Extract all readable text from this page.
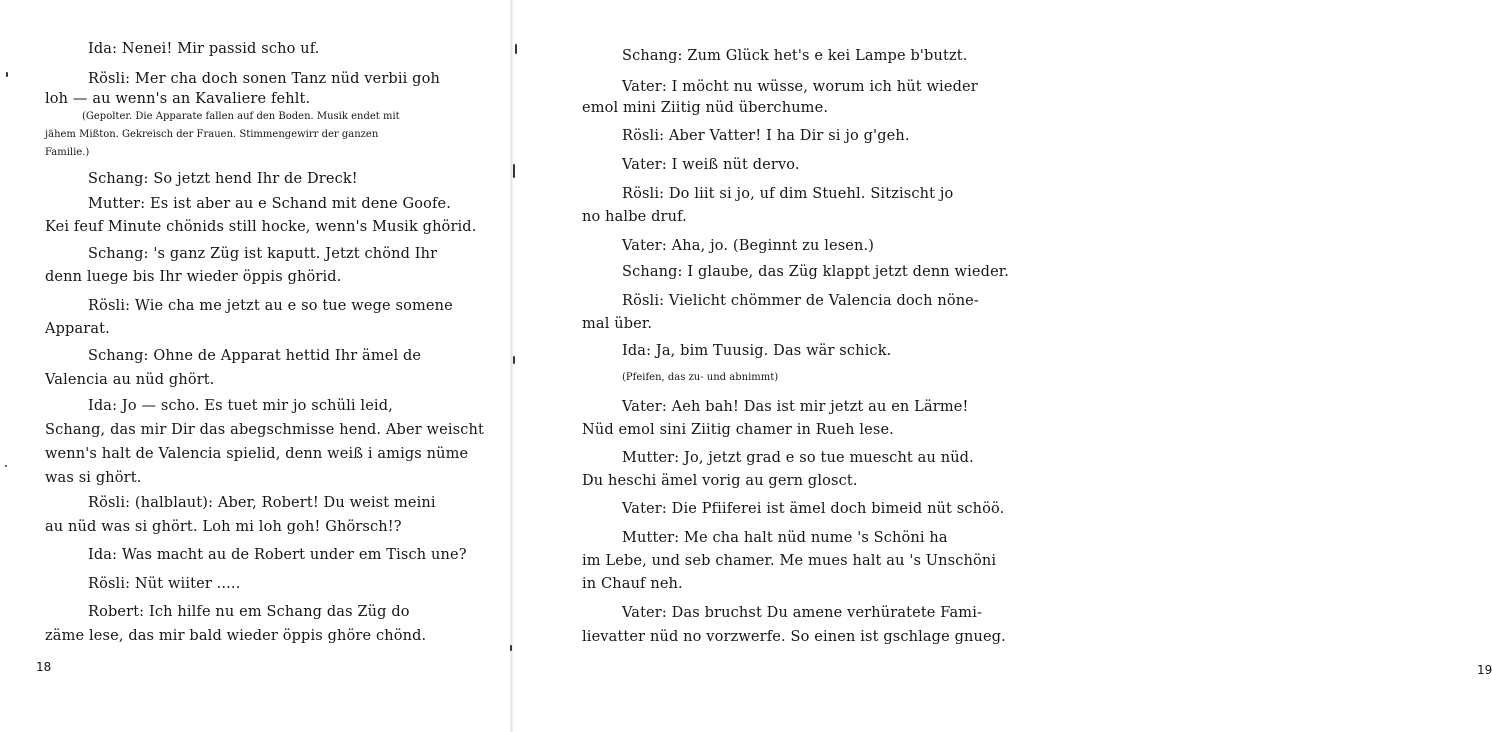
Ida: Nenei! Mir passid scho uf.
Rösli: Mer cha doch sonen Tanz nüd verbii goh
loh — au wenn's an Kavaliere fehlt.
(Gepolter. Die Apparate fallen auf den Boden. Musik endet mit
jähem Mißton. Gekreisch der Frauen. Stimmengewirr der ganzen
Familie.)
Schang: So jetzt hend Ihr de Dreck!
Mutter: Es ist aber au e Schand mit dene Goofe.
Kei feuf Minute chönids still hocke, wenn's Musik ghörid.
Schang: 's ganz Züg ist kaputt. Jetzt chönd Ihr
denn luege bis Ihr wieder öppis ghörid.
Rösli: Wie cha me jetzt au e so tue wege somene
Apparat.
Schang: Ohne de Apparat hettid Ihr ämel de
Valencia au nüd ghört.
Ida: Jo — scho. Es tuet mir jo schüli leid,
Schang, das mir Dir das abegschmisse hend. Aber weischt
wenn's halt de Valencia spielid, denn weiß i amigs nüme
was si ghört.
Rösli: (halblaut): Aber, Robert! Du weist meini
au nüd was si ghört. Loh mi loh goh! Ghörsch!?
Ida: Was macht au de Robert under em Tisch une?
Rösli: Nüt wiiter .....
Robert: Ich hilfe nu em Schang das Züg do
zäme lese, das mir bald wieder öppis ghöre chönd.
18
Schang: Zum Glück het's e kei Lampe b'butzt.
Vater: I möcht nu wüsse, worum ich hüt wieder
emol mini Ziitig nüd überchume.
Rösli: Aber Vatter! I ha Dir si jo g'geh.
Vater: I weiß nüt dervo.
Rösli: Do liit si jo, uf dim Stuehl. Sitzischt jo
no halbe druf.
Vater: Aha, jo. (Beginnt zu lesen.)
Schang: I glaube, das Züg klappt jetzt denn wieder.
Rösli: Vielicht chömmer de Valencia doch nöne-
mal über.
Ida: Ja, bim Tuusig. Das wär schick.
(Pfeifen, das zu- und abnimmt)
Vater: Aeh bah! Das ist mir jetzt au en Lärme!
Nüd emol sini Ziitig chamer in Rueh lese.
Mutter: Jo, jetzt grad e so tue muescht au nüd.
Du heschi ämel vorig au gern glosct.
Vater: Die Pfiiferei ist ämel doch bimeid nüt schöö.
Mutter: Me cha halt nüd nume 's Schöni ha
im Lebe, und seb chamer. Me mues halt au 's Unschöni
in Chauf neh.
Vater: Das bruchst Du amene verhüratete Fami-
lievatter nüd no vorzwerfe. So einen ist gschlage gnueg.
19
